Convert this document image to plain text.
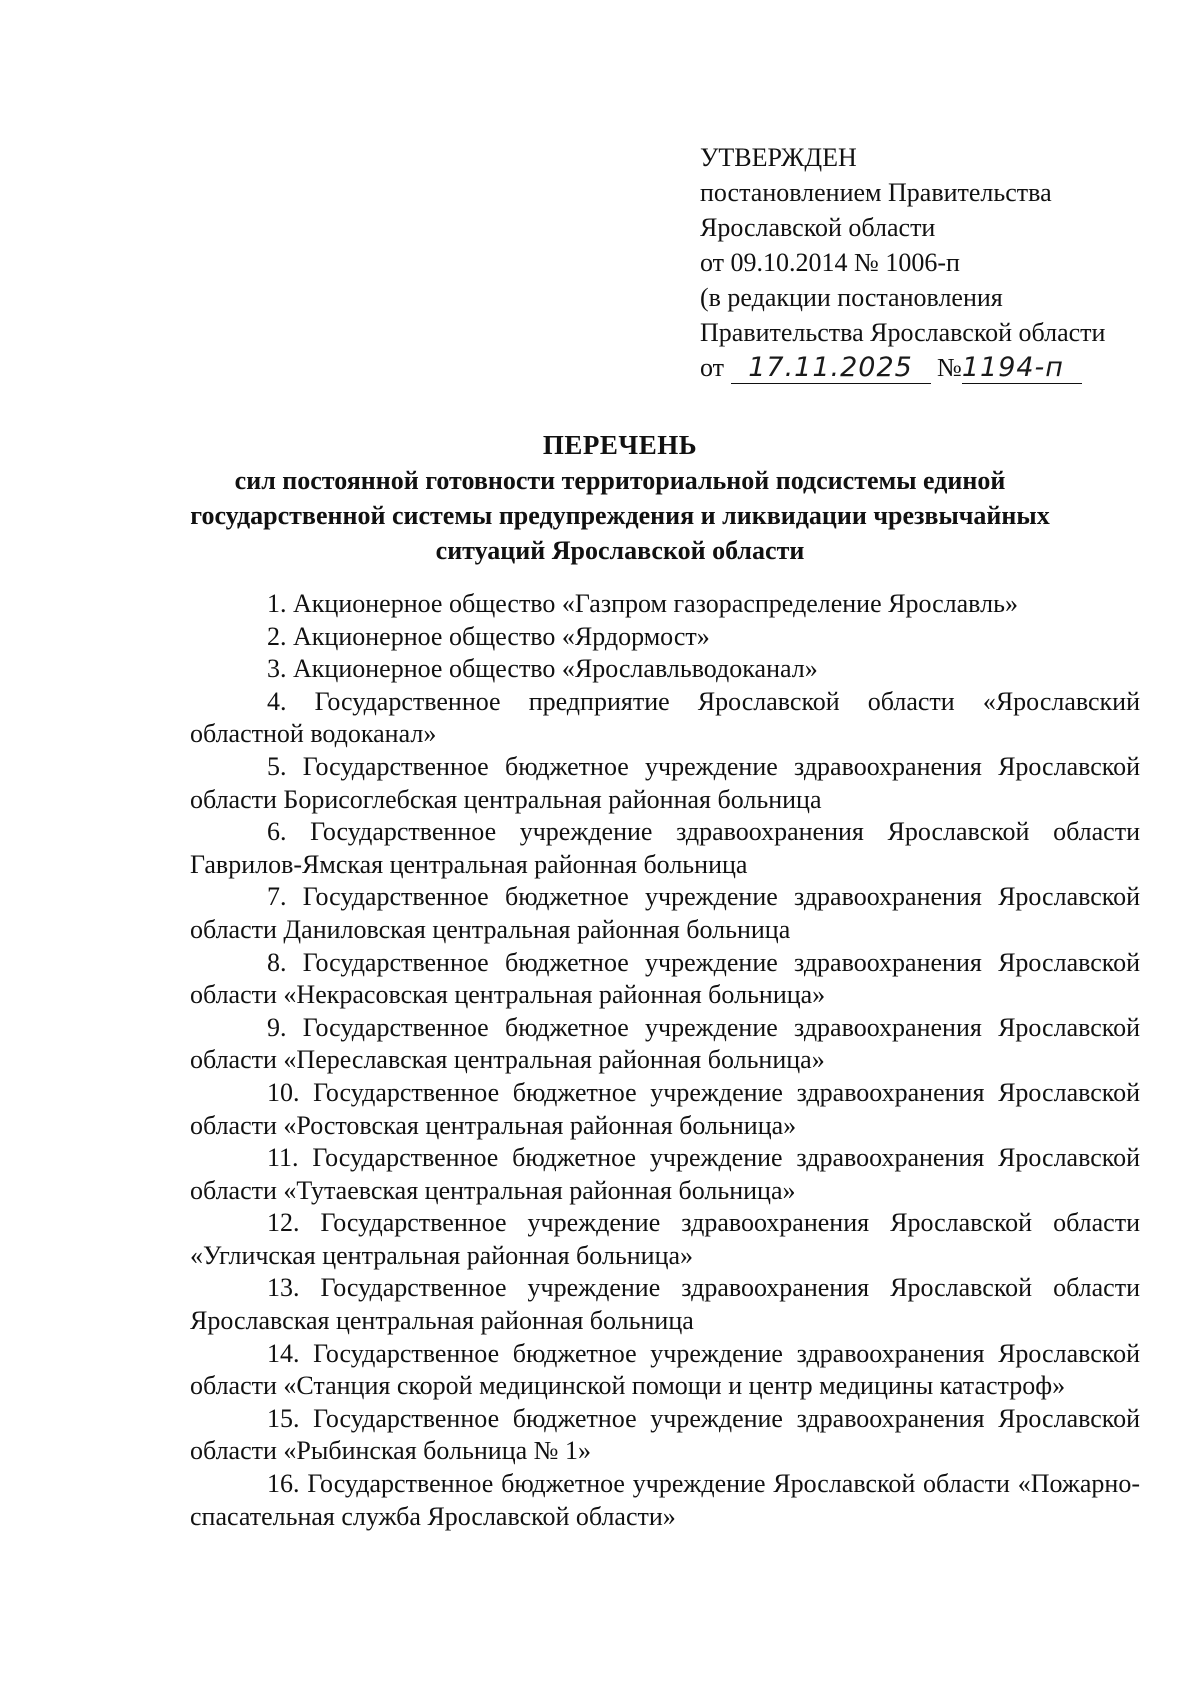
УТВЕРЖДЕН
постановлением Правительства
Ярославской области
от 09.10.2014 № 1006-п
(в редакции постановления
Правительства Ярославской области
от 17.11.2025 №1194-п
ПЕРЕЧЕНЬ
сил постоянной готовности территориальной подсистемы единой государственной системы предупреждения и ликвидации чрезвычайных ситуаций Ярославской области
1. Акционерное общество «Газпром газораспределение Ярославль»
2. Акционерное общество «Ярдормост»
3. Акционерное общество «Ярославльводоканал»
4. Государственное предприятие Ярославской области «Ярославский областной водоканал»
5. Государственное бюджетное учреждение здравоохранения Ярославской области Борисоглебская центральная районная больница
6. Государственное учреждение здравоохранения Ярославской области Гаврилов-Ямская центральная районная больница
7. Государственное бюджетное учреждение здравоохранения Ярославской области Даниловская центральная районная больница
8. Государственное бюджетное учреждение здравоохранения Ярославской области «Некрасовская центральная районная больница»
9. Государственное бюджетное учреждение здравоохранения Ярославской области «Переславская центральная районная больница»
10. Государственное бюджетное учреждение здравоохранения Ярославской области «Ростовская центральная районная больница»
11. Государственное бюджетное учреждение здравоохранения Ярославской области «Тутаевская центральная районная больница»
12. Государственное учреждение здравоохранения Ярославской области «Угличская центральная районная больница»
13. Государственное учреждение здравоохранения Ярославской области Ярославская центральная районная больница
14. Государственное бюджетное учреждение здравоохранения Ярославской области «Станция скорой медицинской помощи и центр медицины катастроф»
15. Государственное бюджетное учреждение здравоохранения Ярославской области «Рыбинская больница № 1»
16. Государственное бюджетное учреждение Ярославской области «Пожарно-спасательная служба Ярославской области»
